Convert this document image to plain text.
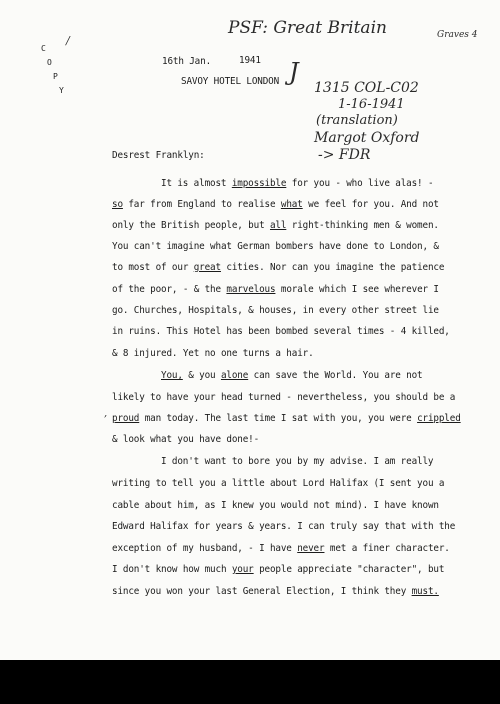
C
O
P
Y
/
PSF: Great Britain	Graves 4
J
1315 COL-C02
1-16-1941
(translation)
Margot Oxford
-> FDR
16th Jan.	1941
SAVOY HOTEL LONDON
Desrest Franklyn:
It is almost impossible for you - who live alas! -
so far from England to realise what we feel for you. And not
only the British people, but all right-thinking men & women.
You can't imagine what German bombers have done to London, &
to most of our great cities. Nor can you imagine the patience
of the poor, - & the marvelous morale which I see wherever I
go. Churches, Hospitals, & houses, in every other street lie
in ruins. This Hotel has been bombed several times - 4 killed,
& 8 injured. Yet no one turns a hair.
You, & you alone can save the World. You are not
likely to have your head turned - nevertheless, you should be a
proud man today. The last time I sat with you, you were crippled
& look what you have done!-
I don't want to bore you by my advise. I am really
writing to tell you a little about Lord Halifax (I sent you a
cable about him, as I knew you would not mind). I have known
Edward Halifax for years & years. I can truly say that with the
exception of my husband, - I have never met a finer character.
I don't know how much your people appreciate "character", but
since you won your last General Election, I think they must.
,
